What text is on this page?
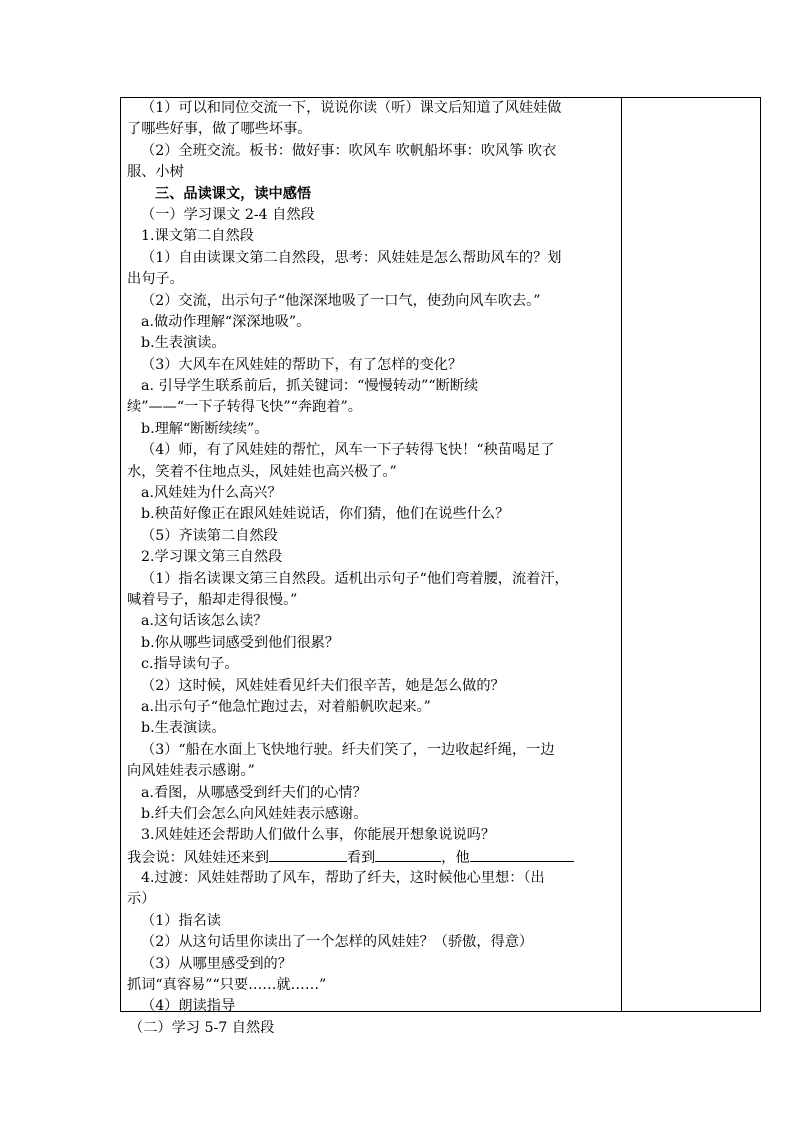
（1）可以和同位交流一下，说说你读（听）课文后知道了风娃娃做
了哪些好事，做了哪些坏事。
（2）全班交流。板书：做好事：吹风车 吹帆船坏事：吹风筝 吹衣
服、小树
三、品读课文，读中感悟
（一）学习课文 2-4 自然段
1.课文第二自然段
（1）自由读课文第二自然段，思考：风娃娃是怎么帮助风车的？划
出句子。
（2）交流，出示句子“他深深地吸了一口气，使劲向风车吹去。”
a.做动作理解“深深地吸”。
b.生表演读。
（3）大风车在风娃娃的帮助下，有了怎样的变化？
a. 引导学生联系前后，抓关键词：“慢慢转动”“断断续
续”——“一下子转得飞快”“奔跑着”。
b.理解“断断续续”。
（4）师，有了风娃娃的帮忙，风车一下子转得飞快！“秧苗喝足了
水，笑着不住地点头，风娃娃也高兴极了。”
a.风娃娃为什么高兴？
b.秧苗好像正在跟风娃娃说话，你们猜，他们在说些什么？
（5）齐读第二自然段
2.学习课文第三自然段
（1）指名读课文第三自然段。适机出示句子“他们弯着腰，流着汗，
喊着号子，船却走得很慢。”
a.这句话该怎么读？
b.你从哪些词感受到他们很累？
c.指导读句子。
（2）这时候，风娃娃看见纤夫们很辛苦，她是怎么做的？
a.出示句子“他急忙跑过去，对着船帆吹起来。”
b.生表演读。
（3）“船在水面上飞快地行驶。纤夫们笑了，一边收起纤绳，一边
向风娃娃表示感谢。”
a.看图，从哪感受到纤夫们的心情？
b.纤夫们会怎么向风娃娃表示感谢。
3.风娃娃还会帮助人们做什么事，你能展开想象说说吗？
我会说：风娃娃还来到	看到	，他
4.过渡：风娃娃帮助了风车，帮助了纤夫，这时候他心里想：（出
示）
（1）指名读
（2）从这句话里你读出了一个怎样的风娃娃？（骄傲，得意）
（3）从哪里感受到的？
抓词“真容易”“只要……就……”
（4）朗读指导
（二）学习 5-7 自然段
